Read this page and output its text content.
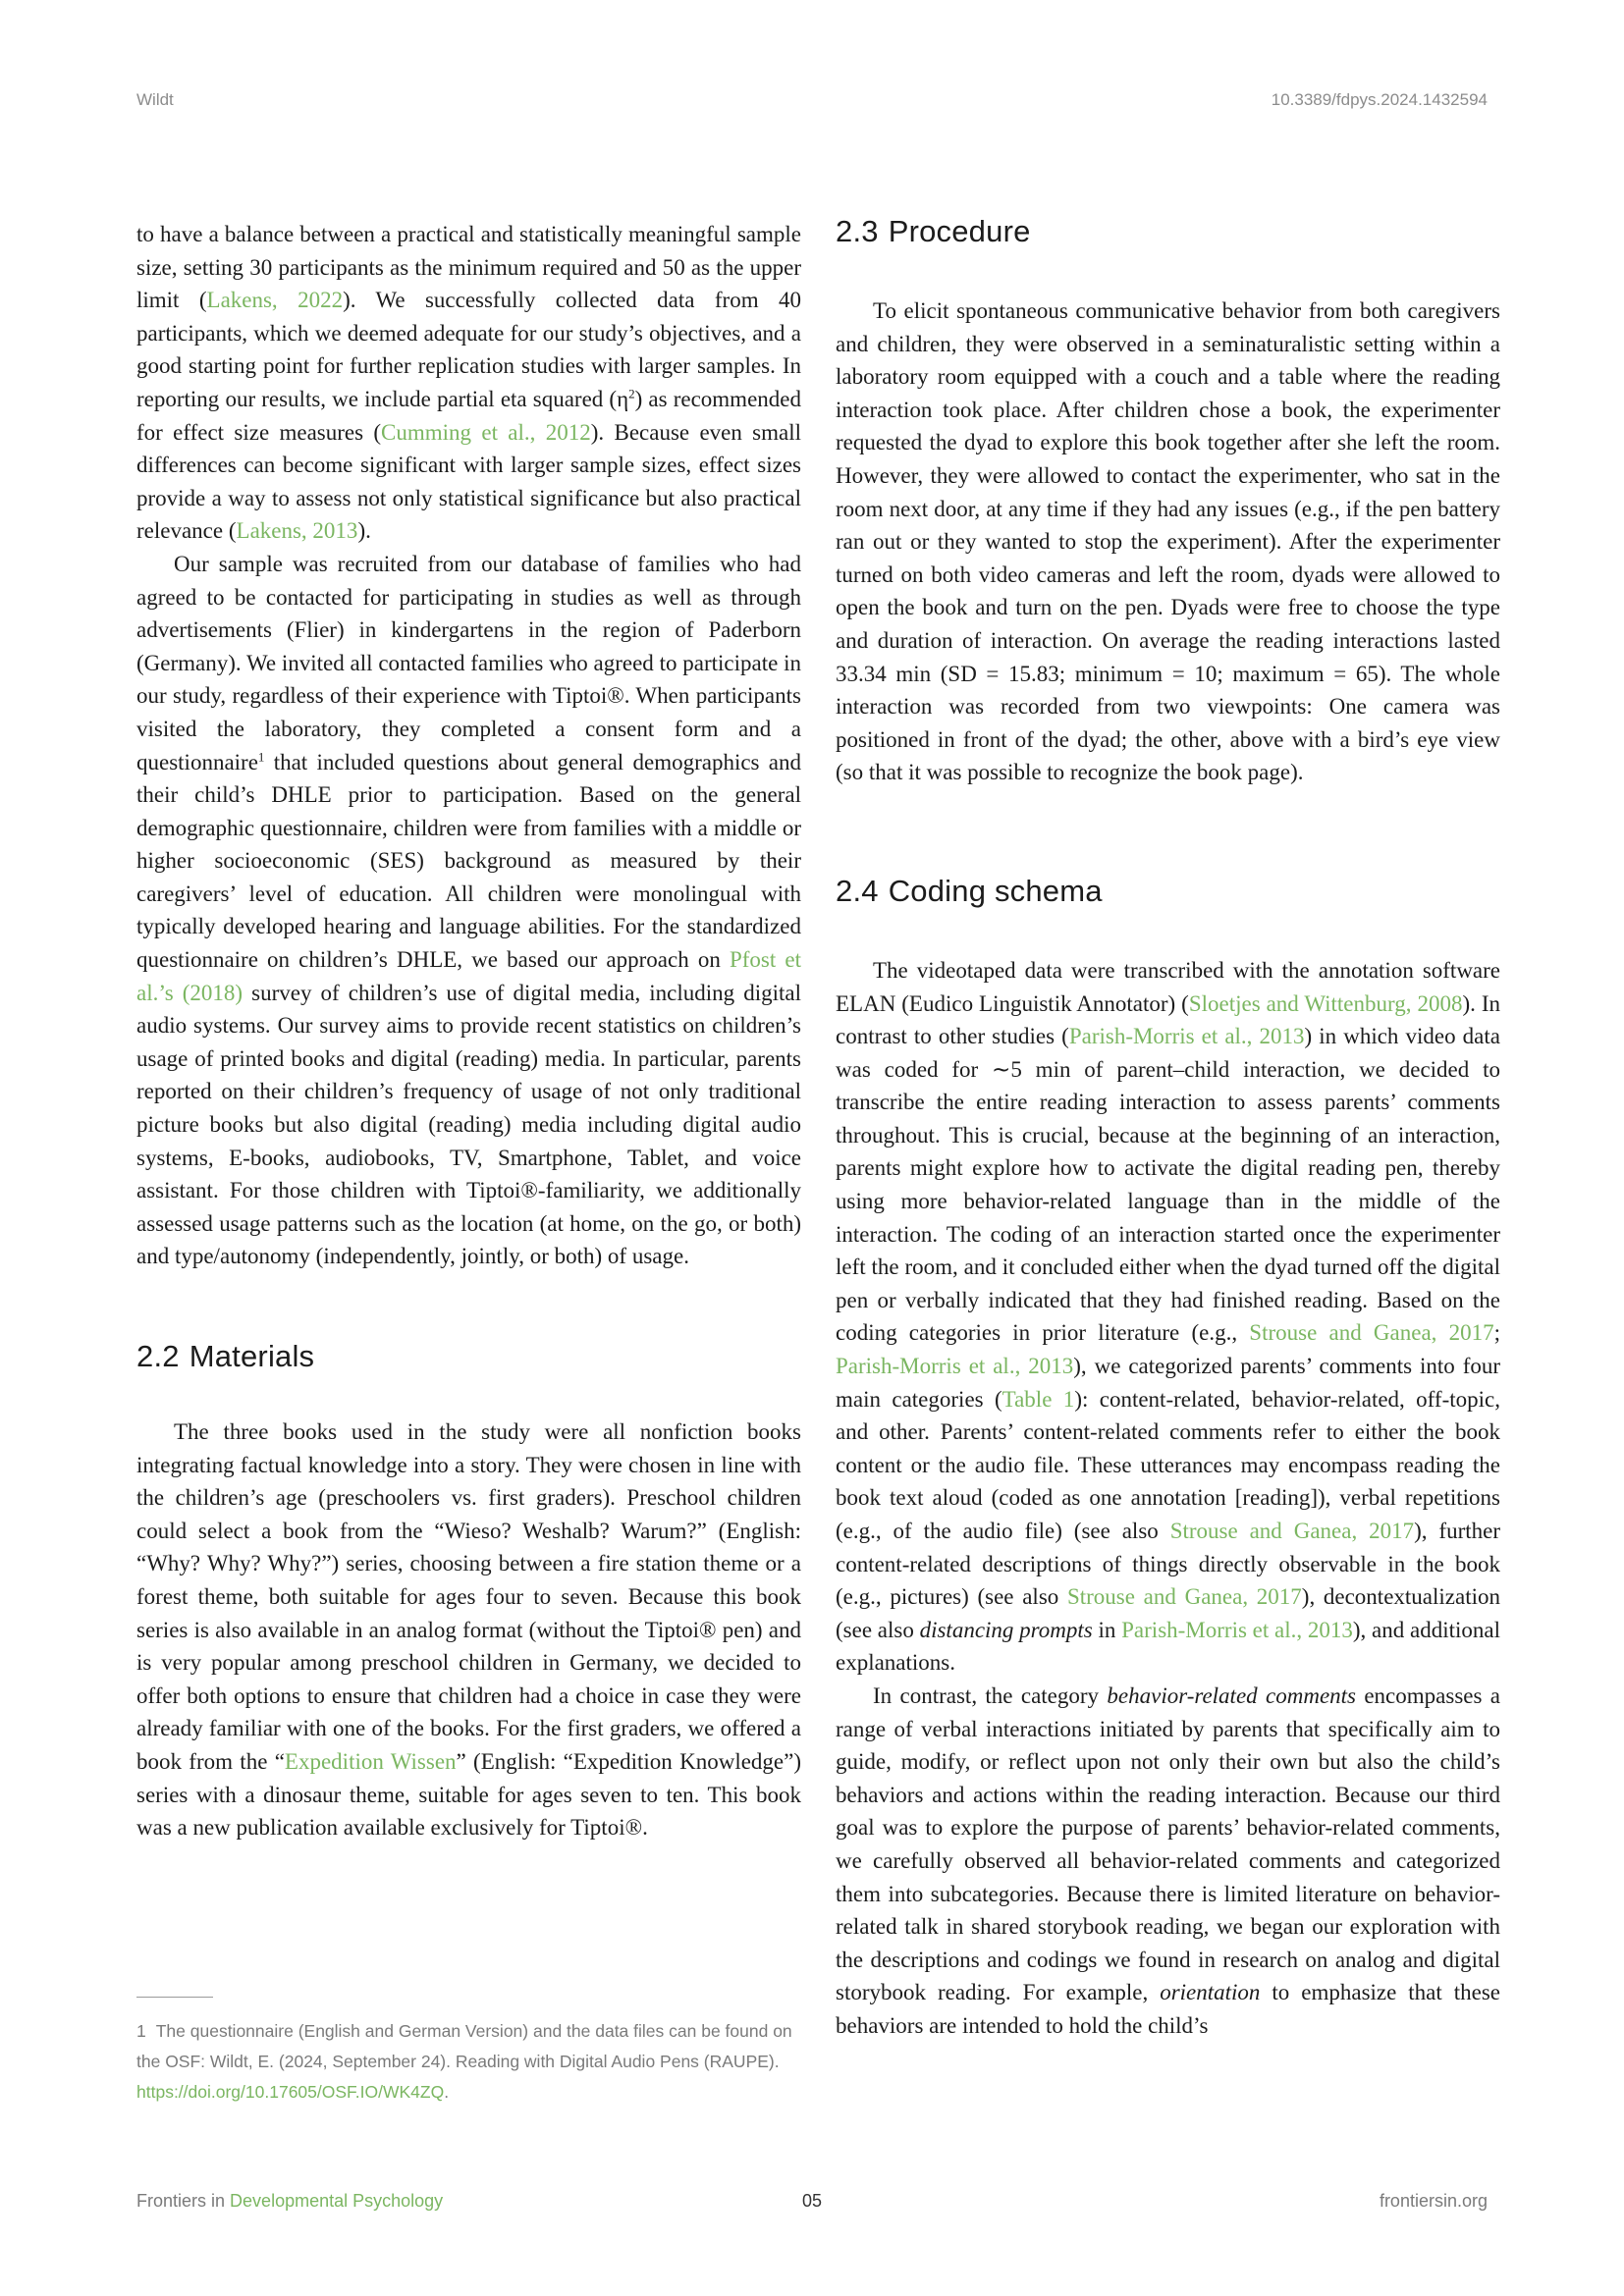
Wildt	10.3389/fdpys.2024.1432594

to have a balance between a practical and statistically meaningful sample size, setting 30 participants as the minimum required and 50 as the upper limit (Lakens, 2022). We successfully collected data from 40 participants, which we deemed adequate for our study’s objectives, and a good starting point for further replication studies with larger samples. In reporting our results, we include partial eta squared $(\eta^2)$ as recommended for effect size measures (Cumming et al., 2012). Because even small differences can become significant with larger sample sizes, effect sizes provide a way to assess not only statistical significance but also practical relevance (Lakens, 2013).

Our sample was recruited from our database of families who had agreed to be contacted for participating in studies as well as through advertisements (Flier) in kindergartens in the region of Paderborn (Germany). We invited all contacted families who agreed to participate in our study, regardless of their experience with Tiptoi®. When participants visited the laboratory, they completed a consent form and a questionnaire$^1$ that included questions about general demographics and their child’s DHLE prior to participation. Based on the general demographic questionnaire, children were from families with a middle or higher socioeconomic (SES) background as measured by their caregivers’ level of education. All children were monolingual with typically developed hearing and language abilities. For the standardized questionnaire on children’s DHLE, we based our approach on Pfost et al.’s (2018) survey of children’s use of digital media, including digital audio systems. Our survey aims to provide recent statistics on children’s usage of printed books and digital (reading) media. In particular, parents reported on their children’s frequency of usage of not only traditional picture books but also digital (reading) media including digital audio systems, E-books, audiobooks, TV, Smartphone, Tablet, and voice assistant. For those children with Tiptoi®-familiarity, we additionally assessed usage patterns such as the location (at home, on the go, or both) and type/autonomy (independently, jointly, or both) of usage.

2.2 Materials

The three books used in the study were all nonfiction books integrating factual knowledge into a story. They were chosen in line with the children’s age (preschoolers vs. first graders). Preschool children could select a book from the “Wieso? Weshalb? Warum?” (English: “Why? Why? Why?”) series, choosing between a fire station theme or a forest theme, both suitable for ages four to seven. Because this book series is also available in an analog format (without the Tiptoi® pen) and is very popular among preschool children in Germany, we decided to offer both options to ensure that children had a choice in case they were already familiar with one of the books. For the first graders, we offered a book from the “Expedition Wissen” (English: “Expedition Knowledge”) series with a dinosaur theme, suitable for ages seven to ten. This book was a new publication available exclusively for Tiptoi®.

1 The questionnaire (English and German Version) and the data files can be found on the OSF: Wildt, E. (2024, September 24). Reading with Digital Audio Pens (RAUPE). https://doi.org/10.17605/OSF.IO/WK4ZQ.
2.3 Procedure

To elicit spontaneous communicative behavior from both caregivers and children, they were observed in a seminaturalistic setting within a laboratory room equipped with a couch and a table where the reading interaction took place. After children chose a book, the experimenter requested the dyad to explore this book together after she left the room. However, they were allowed to contact the experimenter, who sat in the room next door, at any time if they had any issues (e.g., if the pen battery ran out or they wanted to stop the experiment). After the experimenter turned on both video cameras and left the room, dyads were allowed to open the book and turn on the pen. Dyads were free to choose the type and duration of interaction. On average the reading interactions lasted 33.34 min (SD = 15.83; minimum = 10; maximum = 65). The whole interaction was recorded from two viewpoints: One camera was positioned in front of the dyad; the other, above with a bird’s eye view (so that it was possible to recognize the book page).

2.4 Coding schema

The videotaped data were transcribed with the annotation software ELAN (Eudico Linguistik Annotator) (Sloetjes and Wittenburg, 2008). In contrast to other studies (Parish-Morris et al., 2013) in which video data was coded for ∼5 min of parent–child interaction, we decided to transcribe the entire reading interaction to assess parents’ comments throughout. This is crucial, because at the beginning of an interaction, parents might explore how to activate the digital reading pen, thereby using more behavior-related language than in the middle of the interaction. The coding of an interaction started once the experimenter left the room, and it concluded either when the dyad turned off the digital pen or verbally indicated that they had finished reading. Based on the coding categories in prior literature (e.g., Strouse and Ganea, 2017; Parish-Morris et al., 2013), we categorized parents’ comments into four main categories (Table 1): content-related, behavior-related, off-topic, and other. Parents’ content-related comments refer to either the book content or the audio file. These utterances may encompass reading the book text aloud (coded as one annotation [reading]), verbal repetitions (e.g., of the audio file) (see also Strouse and Ganea, 2017), further content-related descriptions of things directly observable in the book (e.g., pictures) (see also Strouse and Ganea, 2017), decontextualization (see also distancing prompts in Parish-Morris et al., 2013), and additional explanations.

In contrast, the category behavior-related comments encompasses a range of verbal interactions initiated by parents that specifically aim to guide, modify, or reflect upon not only their own but also the child’s behaviors and actions within the reading interaction. Because our third goal was to explore the purpose of parents’ behavior-related comments, we carefully observed all behavior-related comments and categorized them into subcategories. Because there is limited literature on behavior-related talk in shared storybook reading, we began our exploration with the descriptions and codings we found in research on analog and digital storybook reading. For example, orientation to emphasize that these behaviors are intended to hold the child’s

Frontiers in Developmental Psychology	05	frontiersin.org
